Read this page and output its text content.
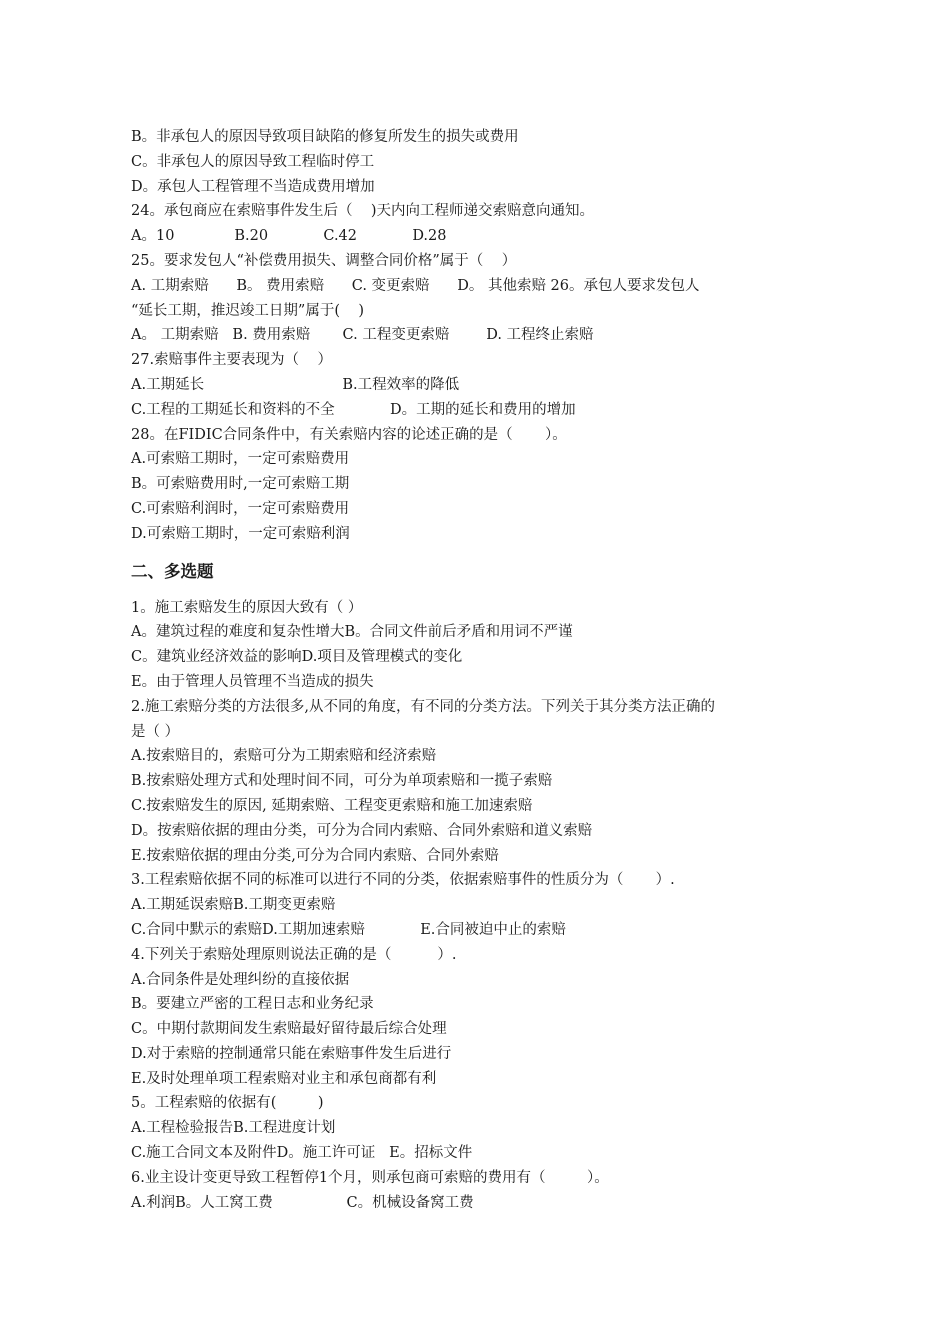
B。非承包人的原因导致项目缺陷的修复所发生的损失或费用
C。非承包人的原因导致工程临时停工
D。承包人工程管理不当造成费用增加
24。承包商应在索赔事件发生后（    )天内向工程师递交索赔意向通知。
A。10             B.20            C.42            D.28
25。要求发包人“补偿费用损失、调整合同价格”属于（    ）
A. 工期索赔      B。 费用索赔      C. 变更索赔      D。 其他索赔 26。承包人要求发包人
“延长工期，推迟竣工日期”属于(    )
A。 工期索赔   B. 费用索赔       C. 工程变更索赔        D. 工程终止索赔
27.索赔事件主要表现为（    ）
A.工期延长                              B.工程效率的降低
C.工程的工期延长和资料的不全            D。工期的延长和费用的增加
28。在FIDIC合同条件中，有关索赔内容的论述正确的是（       ）。
A.可索赔工期时，一定可索赔费用
B。可索赔费用时,一定可索赔工期
C.可索赔利润时，一定可索赔费用
D.可索赔工期时，一定可索赔利润
二、多选题
1。施工索赔发生的原因大致有（ ）
A。建筑过程的难度和复杂性增大B。合同文件前后矛盾和用词不严谨
C。建筑业经济效益的影响D.项目及管理模式的变化
E。由于管理人员管理不当造成的损失
2.施工索赔分类的方法很多,从不同的角度，有不同的分类方法。下列关于其分类方法正确的
是（ ）
A.按索赔目的，索赔可分为工期索赔和经济索赔
B.按索赔处理方式和处理时间不同，可分为单项索赔和一揽子索赔
C.按索赔发生的原因, 延期索赔、工程变更索赔和施工加速索赔
D。按索赔依据的理由分类，可分为合同内索赔、合同外索赔和道义索赔
E.按索赔依据的理由分类,可分为合同内索赔、合同外索赔
3.工程索赔依据不同的标准可以进行不同的分类，依据索赔事件的性质分为（       ）.
A.工期延误索赔B.工期变更索赔
C.合同中默示的索赔D.工期加速索赔            E.合同被迫中止的索赔
4.下列关于索赔处理原则说法正确的是（          ）.
A.合同条件是处理纠纷的直接依据
B。要建立严密的工程日志和业务纪录
C。中期付款期间发生索赔最好留待最后综合处理
D.对于索赔的控制通常只能在索赔事件发生后进行
E.及时处理单项工程索赔对业主和承包商都有利
5。工程索赔的依据有(         )
A.工程检验报告B.工程进度计划
C.施工合同文本及附件D。施工许可证   E。招标文件
6.业主设计变更导致工程暂停1个月，则承包商可索赔的费用有（         ）。
A.利润B。人工窝工费                C。机械设备窝工费
